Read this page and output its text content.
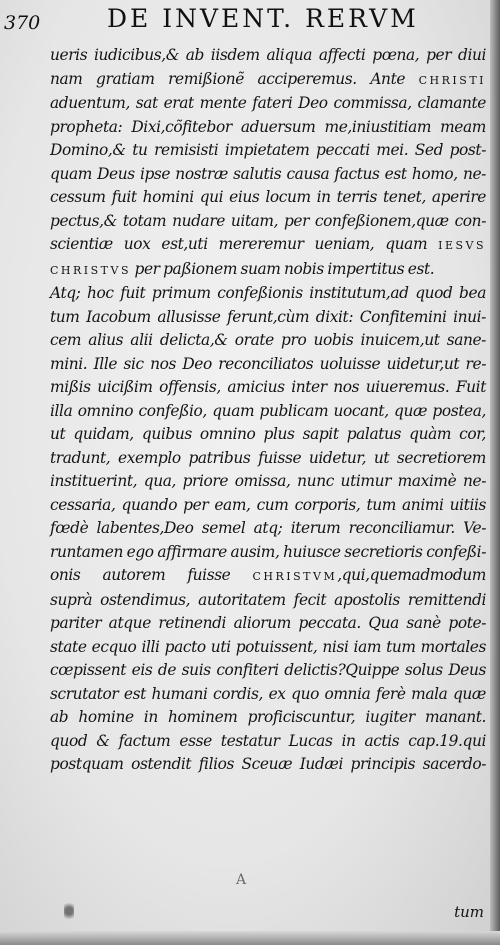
370	DE INVENT. RERVM
ueris iudicibus,& ab iisdem aliqua affecti pœna, per diui
nam gratiam remißionẽ acciperemus. Ante CHRISTI
aduentum, sat erat mente fateri Deo commissa, clamante
propheta: Dixi,cõfitebor aduersum me,iniustitiam meam
Domino,& tu remisisti impietatem peccati mei. Sed post-
quam Deus ipse nostræ salutis causa factus est homo, ne-
cessum fuit homini qui eius locum in terris tenet, aperire
pectus,& totam nudare uitam, per confeßionem,quæ con-
scientiæ uox est,uti mereremur ueniam, quam IESVS
CHRISTVS per paßionem suam nobis impertitus est.
Atq; hoc fuit primum confeßionis institutum,ad quod bea
tum Iacobum allusisse ferunt,cùm dixit: Confitemini inui-
cem alius alii delicta,& orate pro uobis inuicem,ut sane-
mini. Ille sic nos Deo reconciliatos uoluisse uidetur,ut re-
mißis uicißim offensis, amicius inter nos uiueremus. Fuit
illa omnino confeßio, quam publicam uocant, quæ postea,
ut quidam, quibus omnino plus sapit palatus quàm cor,
tradunt, exemplo patribus fuisse uidetur, ut secretiorem
instituerint, qua, priore omissa, nunc utimur maximè ne-
cessaria, quando per eam, cum corporis, tum animi uitiis
fœdè labentes,Deo semel atq; iterum reconciliamur. Ve-
runtamen ego affirmare ausim, huiusce secretioris confeßi-
onis autorem fuisse CHRISTVM,qui,quemadmodum
suprà ostendimus, autoritatem fecit apostolis remittendi
pariter atque retinendi aliorum peccata. Qua sanè pote-
state ecquo illi pacto uti potuissent, nisi iam tum mortales
cœpissent eis de suis confiteri delictis?Quippe solus Deus
scrutator est humani cordis, ex quo omnia ferè mala quæ
ab homine in hominem proficiscuntur, iugiter manant.
quod & factum esse testatur Lucas in actis cap.19.qui
postquam ostendit filios Sceuæ Iudæi principis sacerdo-
A
tum
